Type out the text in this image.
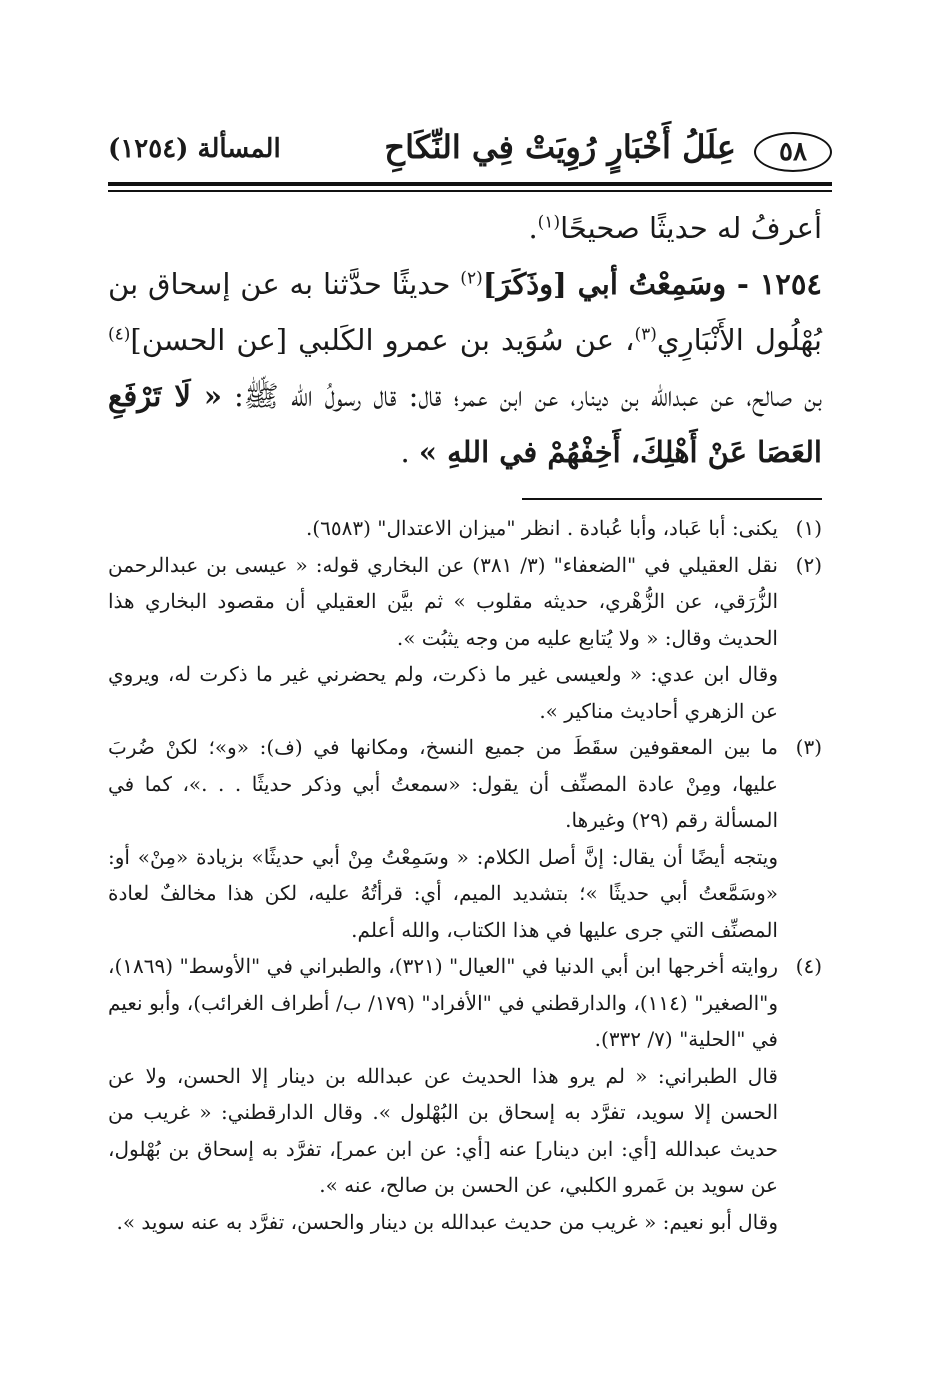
٥٨
عِلَلُ أَخْبَارٍ رُوِيَتْ فِي النِّكَاحِ
المسألة (١٢٥٤)

أعرفُ له حديثًا صحيحًا$^{(١)}$.

١٢٥٤ - وسَمِعْتُ أبي [وذَكَرَ]$^{(٢)}$ حديثًا حدَّثنا به عن إسحاق بن بُهْلُول الأَنْبَارِي$^{(٣)}$، عن سُوَيد بن عمرو الكَلبي [عن الحسن]$^{(٤)}$ بن صالح، عن عبدالله بن دينار، عن ابن عمر؛ قال: قال رسولُ الله ﷺ: « لَا تَرْفَعِ العَصَا عَنْ أَهْلِكَ، أَخِفْهُمْ في اللهِ » .

(١)

يكنى: أبا عَباد، وأبا عُبادة . انظر "ميزان الاعتدال" (٦٥٨٣).

(٢)

نقل العقيلي في "الضعفاء" (٣/ ٣٨١) عن البخاري قوله: « عيسى بن عبدالرحمن الزُّرَقي، عن الزُّهْري، حديثه مقلوب » ثم بيَّن العقيلي أن مقصود البخاري هذا الحديث وقال: « ولا يُتابع عليه من وجه يثبُت ».

وقال ابن عدي: « ولعيسى غير ما ذكرت، ولم يحضرني غير ما ذكرت له، ويروي عن الزهري أحاديث مناكير ».

(٣)

ما بين المعقوفين سقَطَ من جميع النسخ، ومكانها في (ف): «و»؛ لكنْ ضُربَ عليها، ومِنْ عادة المصنِّف أن يقول: «سمعتُ أبي وذكر حديثًا . . .»، كما في المسألة رقم (٢٩) وغيرها.

ويتجه أيضًا أن يقال: إنَّ أصل الكلام: « وسَمِعْتُ مِنْ أبي حديثًا» بزيادة «مِنْ» أو: «وسَمَّعتُ أبي حديثًا »؛ بتشديد الميم، أي: قرأتُهُ عليه، لكن هذا مخالفٌ لعادة المصنِّف التي جرى عليها في هذا الكتاب، والله أعلم.

(٤)

روايته أخرجها ابن أبي الدنيا في "العيال" (٣٢١)، والطبراني في "الأوسط" (١٨٦٩)، و"الصغير" (١١٤)، والدارقطني في "الأفراد" (١٧٩/ ب/ أطراف الغرائب)، وأبو نعيم في "الحلية" (٧/ ٣٣٢).

قال الطبراني: « لم يرو هذا الحديث عن عبدالله بن دينار إلا الحسن، ولا عن الحسن إلا سويد، تفرَّد به إسحاق بن البُهْلول ». وقال الدارقطني: « غريب من حديث عبدالله [أي: ابن دينار] عنه [أي: عن ابن عمر]، تفرَّد به إسحاق بن بُهْلول، عن سويد بن عَمرو الكلبي، عن الحسن بن صالح، عنه ».

وقال أبو نعيم: « غريب من حديث عبدالله بن دينار والحسن، تفرَّد به عنه سويد ».
